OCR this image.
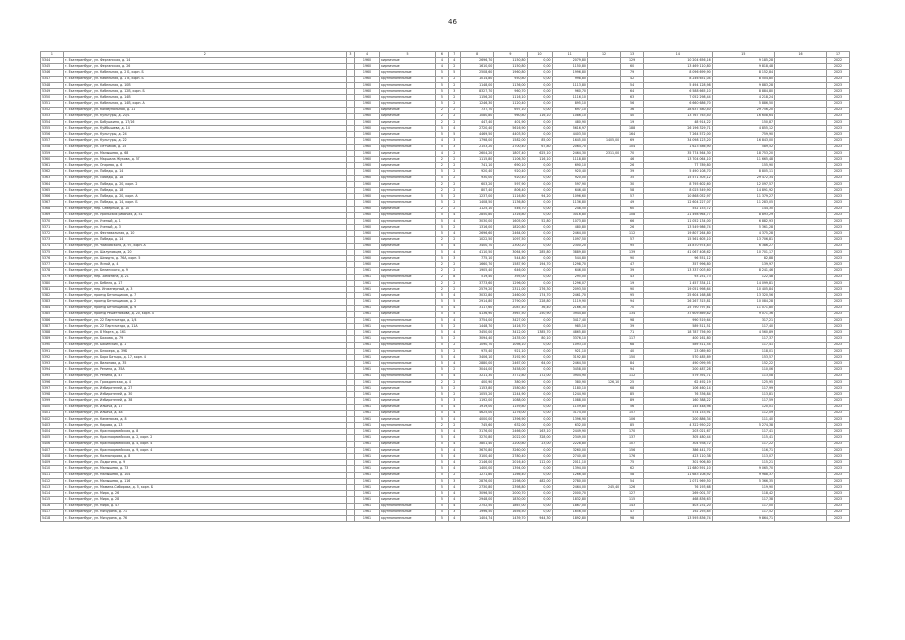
46
1	2	3	4	5	6	7	8	9	10	11	12	13	14	15	16	17
5344	г. Екатеринбург, ул. Ферганская, д. 14		1960	кирпичные	4	4	2696,70	1150,80	0,00	2079,80		129	10 204 656,16	9 185,28		2022
5345	г. Екатеринбург, ул. Ферганская, д. 26		1960	кирпичные	4	2	1610,00	1150,80	0,00	1150,80		60	13 469 110,80	9 818,48		2022
5346	г. Екатеринбург, ул. Кабельная, д. 2 Б, корп. Б		1960	крупнопанельные	5	5	2508,60	1960,80	0,00	1996,80		79	8 096 699,90	8 152,84		2023
5347	г. Екатеринбург, ул. Кабельная, д. 1 В, корп. Б		1960	крупнопанельные	5	2	1014,80	950,80	0,00	998,80		42	8 246 651,04	8 504,80		2023
5348	г. Екатеринбург, ул. Кабельная, д. 10В		1960	крупнопанельные	5	2	1148,00	1136,00	0,00	1113,80		54	5 494 128,98	9 883,28		2023
5349	г. Екатеринбург, ул. Кабельная, д. 12В, корп. Б		1960	крупнопанельные	5	3	8327,70	960,70	0,00	960,70		64	6 588 665,10	8 884,80		2023
5350	г. Екатеринбург, ул. Кабельная, д. 14В		1960	крупнопанельные	5	2	1156,20	1116,10	0,00	1116,10		63	7 052 298,44	4 218,24		2023
5351	г. Екатеринбург, ул. Кабельная, д. 14В, корп. А		1960	крупнопанельные	5	2	1246,30	1120,40	0,00	895,10		56	6 660 686,70	5 886,50		2023
5352	г. Екатеринбург, ул. Коммунальная, д. 11		1960	кирпичные	2	2	737,70	697,10	0,00	697,10		36	28 637 580,40	29 756,20		2023
5353	г. Екатеринбург, ул. Культуры, д. 20/1		1960	кирпичные	2	2	1080,80	960,80	116,10	1086,10		40	13 767 763,40	16 608,64		2023
5354	г. Екатеринбург, ул. Бабушкина, д. 17/16		1960	кирпичные	2	2	447,40	401,90	0,00	480,90		19	48 914,22	150,87		2023
5355	г. Екатеринбург, ул. Куйбышева, д. 14		1960	крупнопанельные	5	4	2720,40	5616,90	0,00	5616,97		188	26 196 329,71	4 855,12		2023
5356	г. Екатеринбург, ул. Культуры, д. 24		1960	кирпичные	5	5	4469,50	4403,50	0,00	4403,50		164	7 264 572,00	759,90		2023
5357	г. Екатеринбург, ул. Культуры, д. 22		1960	крупнопанельные	4	3	1798,00	1582,00	85,00	1645,00	1405,00	69	34 098 123,20	16 843,00		2023
5358	г. Екатеринбург, ул. Летчиков, д. 15		1960	крупнопанельные	5	3	2153,20	2700,40	67,80	2064,70		104	1 623 586,90	589,52		2023
5359	г. Екатеринбург, ул. Малышева, д. 68		1960	кирпичные	4	2	2604,20	1807,40	625,10	2464,30	2311,00	70	35 774 564,30	18 753,20		2023
5360	г. Екатеринбург, ул. Маршала Жукова, д. 5Г		1960	кирпичные	2	2	1115,80	1106,30	116,10	1118,80		46	13 704 064,10	11 665,48		2023
5361	г. Екатеринбург, ул. Огарева, д. 6		1960	кирпичные	2	2	741,10	690,10	0,00	690,10		26	77 789,80	155,90		2023
5362	г. Екатеринбург, ул. Победы, д. 14		1960	крупнопанельные	5	2	920,40	920,40	0,00	920,40		39	5 490 108,70	8 805,11		2023
5363	г. Екатеринбург, ул. Победы, д. 18		1960	крупнопанельные	5	2	930,00	920,40	0,00	920,00		35	15 571 305,12	29 472,34		2023
5364	г. Екатеринбург, ул. Победы, д. 20, корп. 2		1960	кирпичные	2	2	603,20	597,90	0,00	597,90		30	8 795 602,60	12 097,57		2023
5365	г. Екатеринбург, ул. Победы, д. 18		1960	крупнопанельные	2	2	807,40	806,40	0,00	646,40		58	8 025 549,90	14 891,92		2023
5366	г. Екатеринбург, ул. Победы, д. 20, корп. А		1960	крупнопанельные	5	2	1237,00	1116,80	94,20	1096,60		57	10 868 052,97	11 379,27		2023
5367	г. Екатеринбург, ул. Победы, д. 14, корп. Б		1960	крупнопанельные	5	2	1408,50	1136,80	0,00	1136,80		49	12 604 227,07	11 283,05		2023
5368	г. Екатеринбург, пер. Северный, д. 10		1960	кирпичные	2	2	1125,10	546,70	0,00	248,50		60	552 153,72	144,30		2023
5369	г. Екатеринбург, ул. Уральских рабочих, д. 51		1960	крупнопанельные	5	4	2850,80	1316,80	0,00	3016,80		108	21 498 964,77	8 893,29		2023
5370	г. Екатеринбург, ул. Ученый, д. 1		1960	крупнопанельные	5	4	3030,00	1605,00	52,80	1073,80		66	11 052 134,00	6 882,93		2023
5371	г. Екатеринбург, ул. Ученый, д. 3		1960	кирпичные	5	2	1316,00	1820,80	0,00	480,80		26	13 549 986,74	5 361,28		2023
5372	г. Екатеринбург, ул. Фестивальная, д. 10		1960	крупнопанельные	5	4	2696,60	2464,00	0,00	2464,00		112	19 807 264,80	4 375,28		2023
5373	г. Екатеринбург, ул. Победы, д. 14		1960	кирпичные	2	2	1022,50	1097,50	0,00	1097,50		57	15 561 605,10	13 706,81		2023
5374	г. Екатеринбург, ул. Чайковского, д. 97, корп. А		1960	кирпичные	5	4	3400,70	2300,20	0,00	2300,20		95	14 870 974,83	6 386,27		2023
5375	г. Екатеринбург, ул. Шалуновцев, д. 20		1960	крупнопанельные	5	4	4110,50	3064,90	285,80	3889,80		139	41 067 408,62	10 701,17		2023
5376	г. Екатеринбург, ул. Шмидта, д. 76А, корп. 5		1960	кирпичные	5	3	775,10	544,80	0,00	544,80		90	96 551,12	82,88		2023
5377	г. Екатеринбург, ул. Ясной, д. 4		1960	кирпичные	2	2	1660,70	1587,90	194,70	1298,70		47	357 996,80	139,97		2023
5378	г. Екатеринбург, ул. Белинского, д. 9		1961	кирпичные	2	2	1905,40	646,00	0,00	646,00		39	13 337 003,60	8 241,46		2023
5379	г. Екатеринбург, пер. Замятина, д. 21		1961	крупнопанельные	2	8	519,40	395,00	0,00	295,00		43	93 251,73	122,48		2023
5380	г. Екатеринбург, ул. Бебеля, д. 17		1961	крупнопанельные	2	2	3773,60	1296,00	0,00	1296,07		19	1 457 334,11	14 099,81		2023
5381	г. Екатеринбург, пер. Инженерный, д. 3		1961	кирпичные	2	2	2579,20	2311,00	276,30	2093,50		90	19 051 998,64	10 405,84		2023
5382	г. Екатеринбург, проезд Бетонщиков, д. 7		1961	кирпичные	5	4	3032,80	2460,00	174,70	2461,70		95	25 604 168,88	13 320,56		2023
5383	г. Екатеринбург, проезд Бетонщиков, д. 2		1961	кирпичные	5	5	2914,80	2790,00	228,80	1119,90		94	26 267 315,81	10 084,28		2023
5384	г. Екатеринбург, проезд Бетонщиков, д. 9		1961	кирпичные	5	4	3117,60	2087,40	36,40	2166,30		70	25 790 797,61	11 071,80		2023
5385	г. Екатеринбург, проезд Решетникова, д. 20, корп. 4		1961	кирпичные	5	5	4136,90	3967,50	250,90	3944,80		134	37 609 869,82	9 071,36		2023
5386	г. Екатеринбург, ул. 22 Партсъезда, д. 1/4		1961	крупнопанельные	5	4	3754,00	3427,00	0,00	3417,40		98	990 519,64	317,21		2023
5387	г. Екатеринбург, ул. 22 Партсъезда, д. 11А		1961	крупнопанельные	5	2	1448,70	1416,70	0,00	985,10		39	589 511,51	117,40		2023
5388	г. Екатеринбург, ул. 8 Марта, д. 161		1961	кирпичные	5	4	3450,00	3412,00	1385,70	4865,80		71	18 787 756,90	4 560,89		2023
5389	г. Екатеринбург, ул. Бажова, д. 79		1961	крупнопанельные	5	2	3094,40	2435,00	80,10	3376,10		117	400 161,80	117,37		2023
5390	г. Екатеринбург, ул. Бакинских, д. 1		1961	крупнопанельные	5	2	1090,70	1098,10	0,00	1093,10		68	589 511,54	117,41		2023
5391	г. Екатеринбург, ул. Блюхера, д. 39Б		1961	крупнопанельные	5	2	975,40	921,10	0,00	921,10		40	23 089,60	118,01		2023
5392	г. Екатеринбург, ул. Бора Батырь, д. 17, корп. 4		1961	кирпичные	5	4	3406,10	3192,90	0,00	3192,80		150	570 485,89	153,57		2023
5393	г. Екатеринбург, ул. Вилонова, д. 35		1961	крупнопанельные	5	4	2880,00	2467,00	64,00	2464,50		84	490 099,95	152,22		2023
5394	г. Екатеринбург, ул. Репина, д. 35А		1961	крупнопанельные	5	2	3044,00	3458,00	0,00	3458,00		94	200 487,28	110,06		2023
5395	г. Екатеринбург, ул. Репина, д. 47		1961	крупнопанельные	5	4	3211,30	3772,80	172,00	3904,90		112	579 391,71	113,08		2023
5396	г. Екатеринбург, ул. Гражданская, д. 4		1961	крупнопанельные	2	2	400,90	380,90	0,00	380,90	126,10	25	62 492,19	125,95		2023
5397	г. Екатеринбург, ул. Избирателей, д. 27		1961	кирпичные	5	2	1153,80	1580,80	0,00	1180,10		68	106 460,14	117,99		2023
5398	г. Екатеринбург, ул. Избирателей, д. 30		1961	кирпичные	5	2	1055,20	1244,90	0,00	1244,90		85	76 336,84	113,81		2023
5399	г. Екатеринбург, ул. Избирателей, д. 38		1961	кирпичные	5	3	1192,00	1088,00	0,00	1088,00		89	160 388,22	117,59		2023
5400	г. Екатеринбург, ул. Ильича, д. 17		1961	кирпичные	5	4	1919,00	1159,80	0,00	1159,80		56	145 448,98	120,01		2023
5401	г. Екатеринбург, ул. Ильича, д. 48		1961	кирпичные	5	4	4625,00	1276,00	0,00	3174,00		157	574 153,91	112,09		2023
5402	г. Екатеринбург, ул. Каменская, д. 8		1961	кирпичные	5	4	4000,00	1396,90	0,00	1396,90		106	200 886,34	111,40		2023
5403	г. Екатеринбург, ул. Кирова, д. 13		1961	крупнопанельные	2	2	745,60	632,00	0,00	632,00		85	4 322 950,22	5 274,38		2023
5404	г. Екатеринбург, ул. Красноармейская, д. 8		1961	кирпичные	5	4	3176,00	2466,00	163,10	2449,90		170	203 021,67	117,41		2023
5405	г. Екатеринбург, ул. Красноармейская, д. 2, корп. 2		1961	кирпичные	5	4	3270,80	2022,00	328,00	2349,00		137	305 480,44	115,41		2023
5406	г. Екатеринбург, ул. Красноармейская, д. 4, корп. 4		1961	кирпичные	5	4	3801,40	2200,80	23,00	2228,80		107	304 938,72	117,22		2023
5407	г. Екатеринбург, ул. Красноармейская, д. 9, корп. 4		1961	кирпичные	5	4	3670,80	3260,00	0,00	3260,00		156	386 441,70	116,71		2023
5408	г. Екатеринбург, ул. Колмогорова, д. 8		1961	кирпичные	5	4	3100,40	2780,40	0,00	2740,40		176	423 110,38	113,07		2023
5409	г. Екатеринбург, ул. Лодыгина, д. 9		1961	кирпичные	5	4	2146,00	2016,40	112,00	2011,10		75	301 906,80	115,21		2023
5410	г. Екатеринбург, ул. Малышева, д. 73		1961	кирпичные	5	4	1400,00	1394,00	0,00	1394,00		62	11 680 591,10	9 065,70		2023
5411	г. Екатеринбург, ул. Малышева, д. 104		1961	кирпичные	5	2	1271,80	1266,40	0,00	1266,40		58	11 683 108,92	9 988,37		2023
5412	г. Екатеринбург, ул. Малышева, д. 116		1961	кирпичные	5	3	2876,00	2298,00	482,00	2780,00		54	1 071 969,50	5 366,35		2023
5413	г. Екатеринбург, ул. Мамина-Сибиряка, д. 5, корп. Б		1961	кирпичные	5	4	2730,80	2398,80	0,00	2464,00	245,40	126	76 193,68	119,90		2023
5414	г. Екатеринбург, ул. Мира, д. 26		1961	кирпичные	5	4	3096,50	2000,70	0,00	2000,70		127	269 001,37	118,42		2023
5415	г. Екатеринбург, ул. Мира, д. 28		1961	кирпичные	5	4	2948,00	1830,00	0,00	1832,80		115	468 836,63	117,38		2023
5416	г. Екатеринбург, ул. Мира, д. 47		1961	крупнопанельные	5	4	2752,50	1867,00	0,00	1867,00		143	403 231,20	117,00		2023
5417	г. Екатеринбург, ул. Мичурина, д. 71		1961	крупнопанельные	5	3	1996,50	1656,50	0,00	1656,50		47	192 293,85	117,52		2023
5418	г. Екатеринбург, ул. Мичурина, д. 76		1961	крупнопанельные	5	4	1404,74	1439,70	944,30	1892,80		98	13 595 836,74	9 864,71		2023
